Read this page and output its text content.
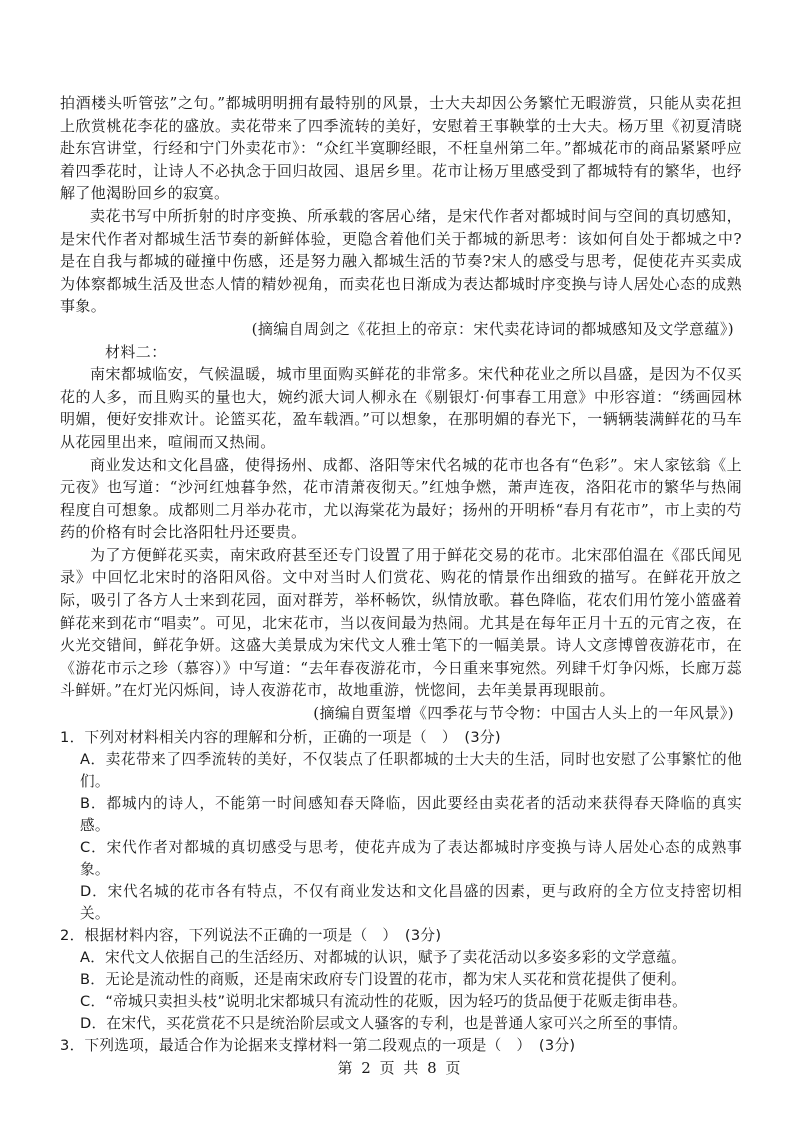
拍酒楼头听管弦”之句。”都城明明拥有最特别的风景，士大夫却因公务繁忙无暇游赏，只能从卖花担上欣赏桃花李花的盛放。卖花带来了四季流转的美好，安慰着王事鞅掌的士大夫。杨万里《初夏清晓赴东宫讲堂，行经和宁门外卖花市》：“众红半寞聊经眼，不枉皇州第二年。”都城花市的商品紧紧呼应着四季花时，让诗人不必执念于回归故园、退居乡里。花市让杨万里感受到了都城特有的繁华，也纾解了他渴盼回乡的寂寞。

卖花书写中所折射的时序变换、所承载的客居心绪，是宋代作者对都城时间与空间的真切感知，是宋代作者对都城生活节奏的新鲜体验，更隐含着他们关于都城的新思考：该如何自处于都城之中?是在自我与都城的碰撞中伤感，还是努力融入都城生活的节奏?宋人的感受与思考，促使花卉买卖成为体察都城生活及世态人情的精妙视角，而卖花也日渐成为表达都城时序变换与诗人居处心态的成熟事象。

(摘编自周剑之《花担上的帝京：宋代卖花诗词的都城感知及文学意蕴》)

材料二：

南宋都城临安，气候温暖，城市里面购买鲜花的非常多。宋代种花业之所以昌盛，是因为不仅买花的人多，而且购买的量也大，婉约派大词人柳永在《剔银灯·何事春工用意》中形容道：“绣画园林明媚，便好安排欢计。论篮买花，盈车载酒。”可以想象，在那明媚的春光下，一辆辆装满鲜花的马车从花园里出来，喧闹而又热闹。

商业发达和文化昌盛，使得扬州、成都、洛阳等宋代名城的花市也各有“色彩”。宋人家铉翁《上元夜》也写道：“沙河红烛暮争然，花市清萧夜彻天。”红烛争燃，萧声连夜，洛阳花市的繁华与热闹程度自可想象。成都则二月举办花市，尤以海棠花为最好；扬州的开明桥“春月有花市”，市上卖的芍药的价格有时会比洛阳牡丹还要贵。

为了方便鲜花买卖，南宋政府甚至还专门设置了用于鲜花交易的花市。北宋邵伯温在《邵氏闻见录》中回忆北宋时的洛阳风俗。文中对当时人们赏花、购花的情景作出细致的描写。在鲜花开放之际，吸引了各方人士来到花园，面对群芳，举杯畅饮，纵情放歌。暮色降临，花农们用竹笼小篮盛着鲜花来到花市“唱卖”。可见，北宋花市，当以夜间最为热闹。尤其是在每年正月十五的元宵之夜，在火光交错间，鲜花争妍。这盛大美景成为宋代文人雅士笔下的一幅美景。诗人文彦博曾夜游花市，在《游花市示之珍（慕容）》中写道：“去年春夜游花市，今日重来事宛然。列肆千灯争闪烁，长廊万蕊斗鲜妍。”在灯光闪烁间，诗人夜游花市，故地重游，恍惚间，去年美景再现眼前。

(摘编自贾玺增《四季花与节令物：中国古人头上的一年风景》)

1．下列对材料相关内容的理解和分析，正确的一项是（　）　(3分)

A．卖花带来了四季流转的美好，不仅装点了任职都城的士大夫的生活，同时也安慰了公事繁忙的他们。

B．都城内的诗人，不能第一时间感知春天降临，因此要经由卖花者的活动来获得春天降临的真实感。

C．宋代作者对都城的真切感受与思考，使花卉成为了表达都城时序变换与诗人居处心态的成熟事象。

D．宋代名城的花市各有特点，不仅有商业发达和文化昌盛的因素，更与政府的全方位支持密切相关。

2．根据材料内容，下列说法不正确的一项是（　）　(3分)

A．宋代文人依据自己的生活经历、对都城的认识，赋予了卖花活动以多姿多彩的文学意蕴。

B．无论是流动性的商贩，还是南宋政府专门设置的花市，都为宋人买花和赏花提供了便利。

C．“帝城只卖担头枝”说明北宋都城只有流动性的花贩，因为轻巧的货品便于花贩走街串巷。

D．在宋代，买花赏花不只是统治阶层或文人骚客的专利，也是普通人家可兴之所至的事情。

3．下列选项，最适合作为论据来支撑材料一第二段观点的一项是（　）　(3分)

第 2 页 共 8 页
